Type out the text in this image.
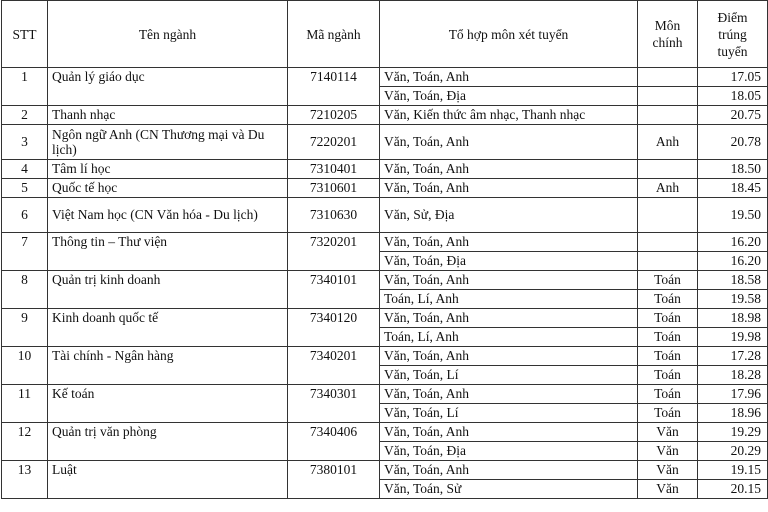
STT	Tên ngành	Mã ngành	Tổ hợp môn xét tuyển	Môn chính	Điểm trúng tuyển
1	Quản lý giáo dục	7140114	Văn, Toán, Anh		17.05
			Văn, Toán, Địa		18.05
2	Thanh nhạc	7210205	Văn, Kiến thức âm nhạc, Thanh nhạc		20.75
3	Ngôn ngữ Anh (CN Thương mại và Du lịch)	7220201	Văn, Toán, Anh	Anh	20.78
4	Tâm lí học	7310401	Văn, Toán, Anh		18.50
5	Quốc tế học	7310601	Văn, Toán, Anh	Anh	18.45
6	Việt Nam học (CN Văn hóa - Du lịch)	7310630	Văn, Sử, Địa		19.50
7	Thông tin – Thư viện	7320201	Văn, Toán, Anh		16.20
			Văn, Toán, Địa		16.20
8	Quản trị kinh doanh	7340101	Văn, Toán, Anh	Toán	18.58
			Toán, Lí, Anh	Toán	19.58
9	Kinh doanh quốc tế	7340120	Văn, Toán, Anh	Toán	18.98
			Toán, Lí, Anh	Toán	19.98
10	Tài chính - Ngân hàng	7340201	Văn, Toán, Anh	Toán	17.28
			Văn, Toán, Lí	Toán	18.28
11	Kế toán	7340301	Văn, Toán, Anh	Toán	17.96
			Văn, Toán, Lí	Toán	18.96
12	Quản trị văn phòng	7340406	Văn, Toán, Anh	Văn	19.29
			Văn, Toán, Địa	Văn	20.29
13	Luật	7380101	Văn, Toán, Anh	Văn	19.15
			Văn, Toán, Sử	Văn	20.15
